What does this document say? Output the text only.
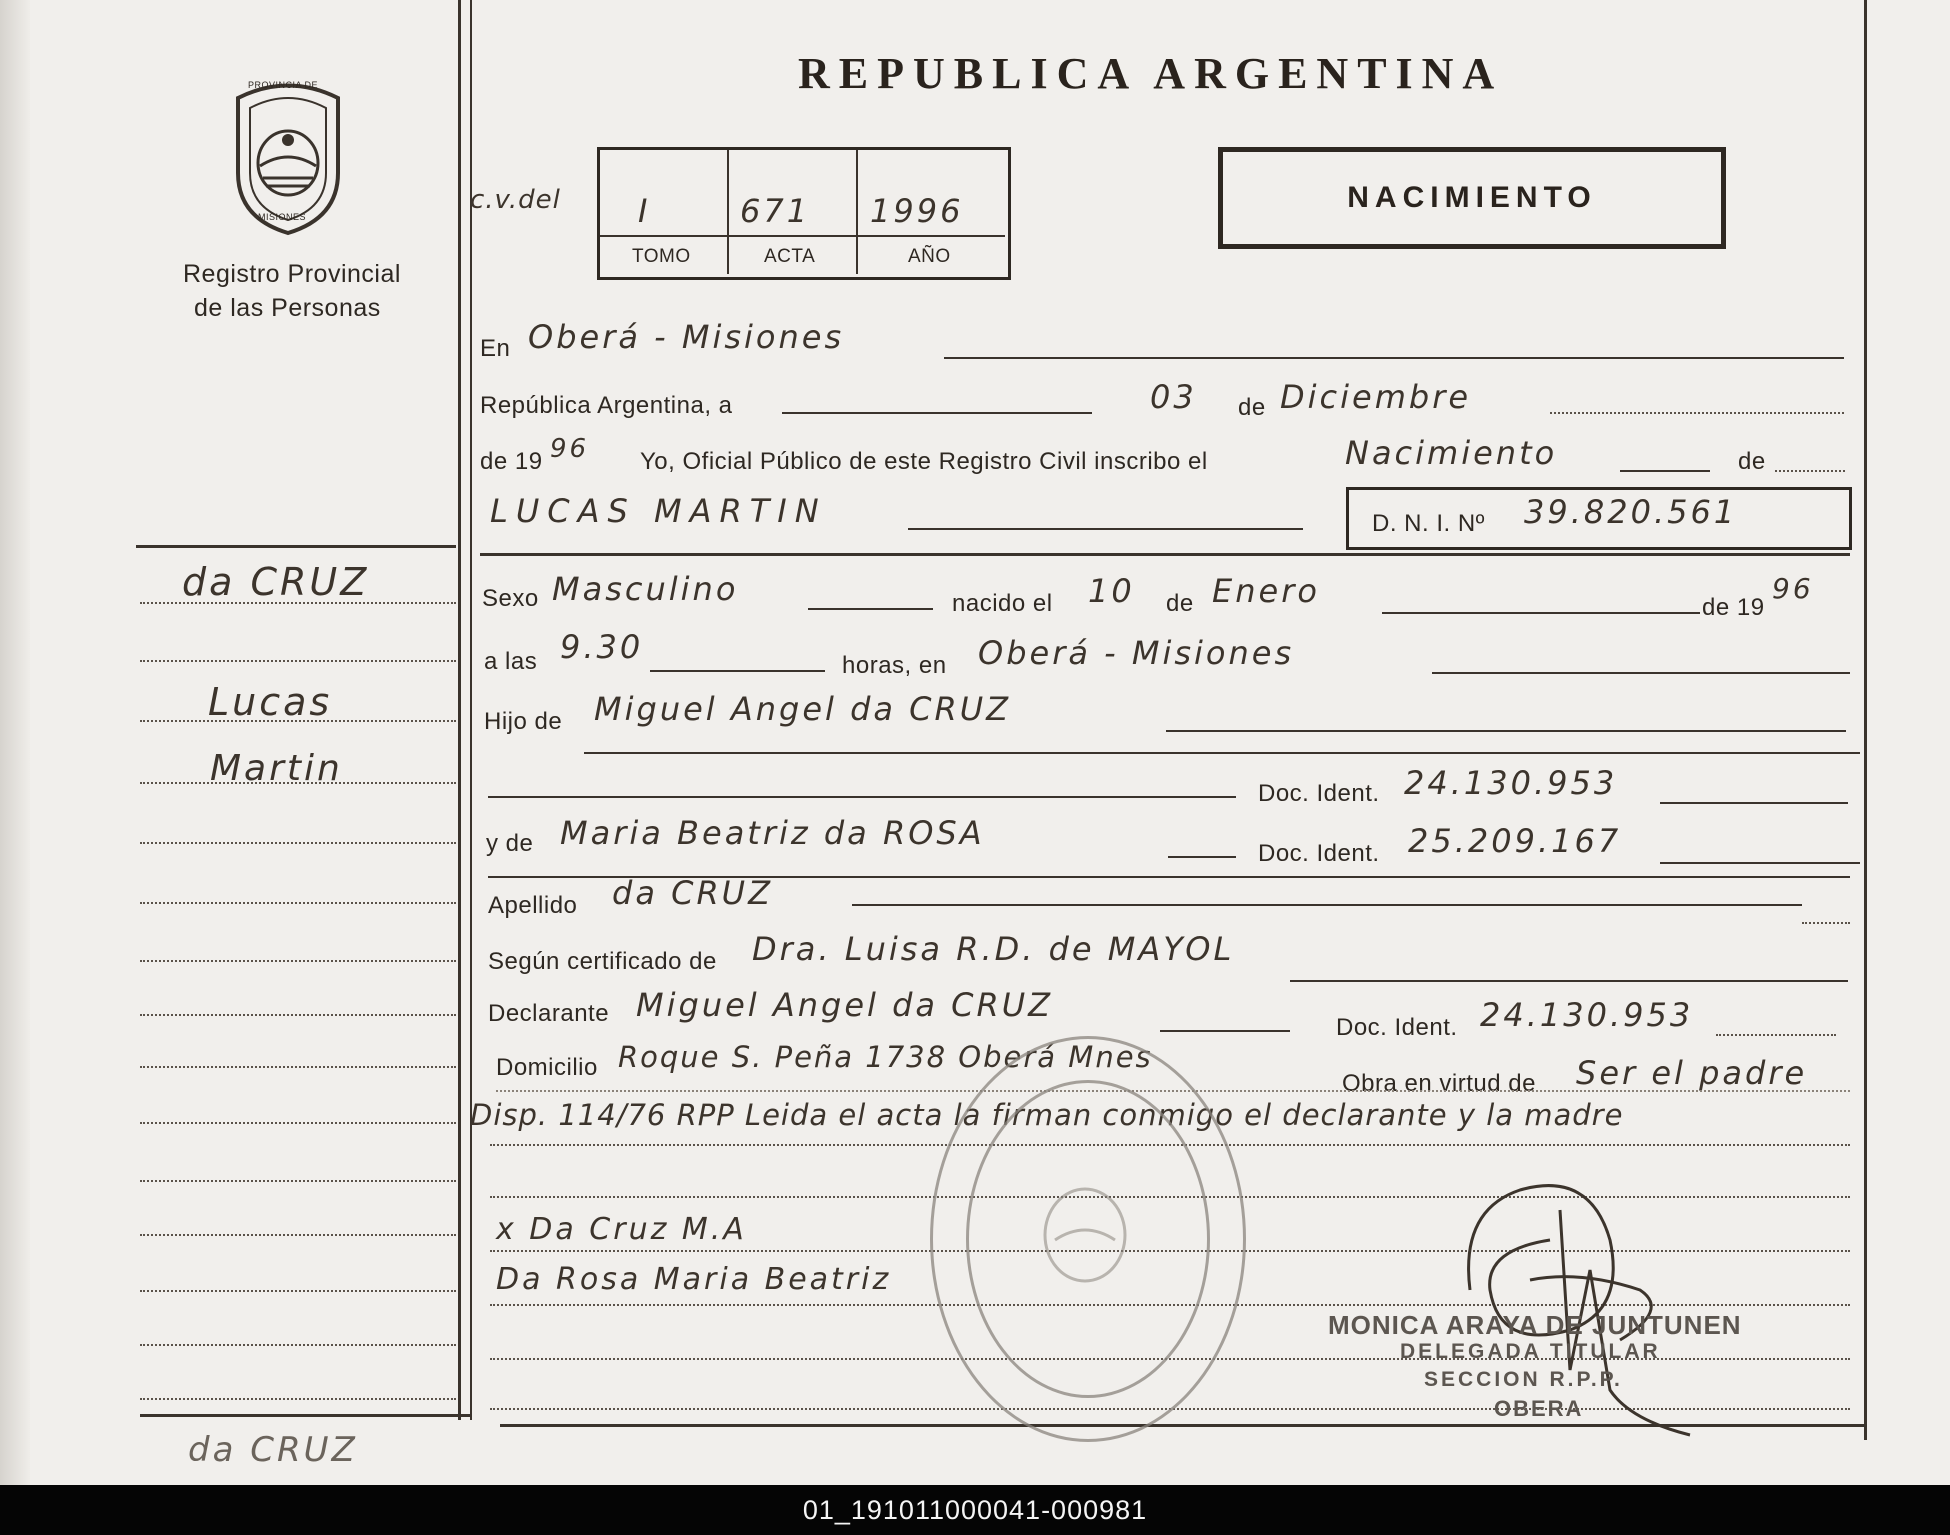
PROVINCIA DE
MISIONES
Registro Provincial
de las Personas
REPUBLICA ARGENTINA
c.v.del I	671 1996
TOMO	ACTA	AÑO
NACIMIENTO
En Oberá - Misiones
República Argentina, a	03 de Diciembre
de 19 96 Yo, Oficial Público de este Registro Civil inscribo el	Nacimiento	de
LUCAS MARTIN	D. N. I. Nº 39.820.561
da CRUZ
Lucas
Martin
da CRUZ
Sexo Masculino	nacido el 10 de Enero	de 19
96
a las 9.30	horas, en Oberá - Misiones
Hijo de Miguel Angel da CRUZ
Doc. Ident. 24.130.953
y de Maria Beatriz da ROSA
Doc. Ident. 25.209.167
Apellido da CRUZ
Según certificado de Dra. Luisa R.D. de MAYOL
Declarante Miguel Angel da CRUZ
Doc. Ident. 24.130.953
Domicilio Roque S. Peña 1738 Oberá Mnes
Obra en virtud de Ser el padre
Disp. 114/76 RPP Leida el acta la firman conmigo el declarante y la madre
x Da Cruz M.A
Da Rosa Maria Beatriz
MONICA ARAYA DE JUNTUNEN
DELEGADA TITULAR
SECCION R.P.P.
OBERA
01_191011000041-000981
